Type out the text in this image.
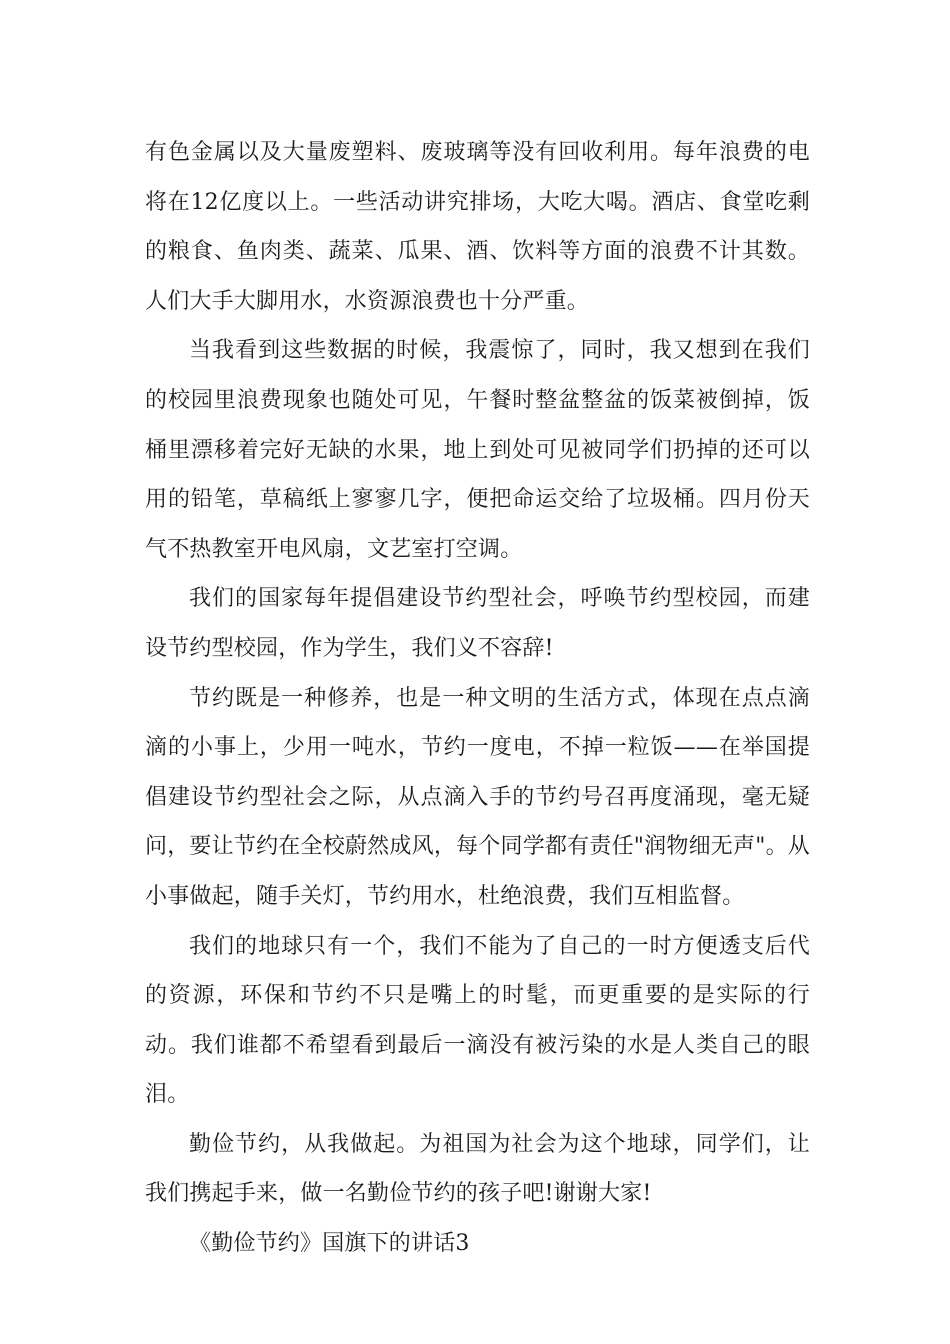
有色金属以及大量废塑料、废玻璃等没有回收利用。每年浪费的电将在12亿度以上。一些活动讲究排场，大吃大喝。酒店、食堂吃剩的粮食、鱼肉类、蔬菜、瓜果、酒、饮料等方面的浪费不计其数。人们大手大脚用水，水资源浪费也十分严重。

当我看到这些数据的时候，我震惊了，同时，我又想到在我们的校园里浪费现象也随处可见，午餐时整盆整盆的饭菜被倒掉，饭桶里漂移着完好无缺的水果，地上到处可见被同学们扔掉的还可以用的铅笔，草稿纸上寥寥几字，便把命运交给了垃圾桶。四月份天气不热教室开电风扇，文艺室打空调。

我们的国家每年提倡建设节约型社会，呼唤节约型校园，而建设节约型校园，作为学生，我们义不容辞!

节约既是一种修养，也是一种文明的生活方式，体现在点点滴滴的小事上，少用一吨水，节约一度电，不掉一粒饭——在举国提倡建设节约型社会之际，从点滴入手的节约号召再度涌现，毫无疑问，要让节约在全校蔚然成风，每个同学都有责任"润物细无声"。从小事做起，随手关灯，节约用水，杜绝浪费，我们互相监督。

我们的地球只有一个，我们不能为了自己的一时方便透支后代的资源，环保和节约不只是嘴上的时髦，而更重要的是实际的行动。我们谁都不希望看到最后一滴没有被污染的水是人类自己的眼泪。

勤俭节约，从我做起。为祖国为社会为这个地球，同学们，让我们携起手来，做一名勤俭节约的孩子吧!谢谢大家!

《勤俭节约》国旗下的讲话3
